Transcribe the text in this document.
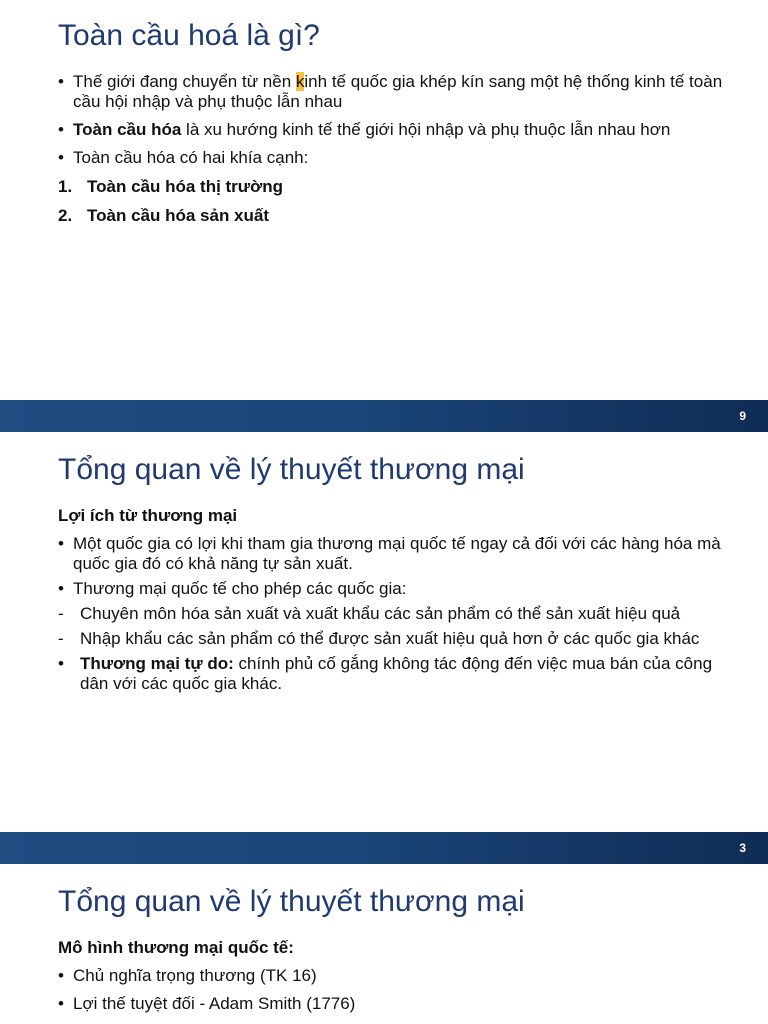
Toàn cầu hoá là gì?
• Thế giới đang chuyển từ nền kinh tế quốc gia khép kín sang một hệ thống kinh tế toàn cầu hội nhập và phụ thuộc lẫn nhau
• Toàn cầu hóa là xu hướng kinh tế thế giới hội nhập và phụ thuộc lẫn nhau hơn
• Toàn cầu hóa có hai khía cạnh:
1. Toàn cầu hóa thị trường
2. Toàn cầu hóa sản xuất
9
Tổng quan về lý thuyết thương mại
Lợi ích từ thương mại
• Một quốc gia có lợi khi tham gia thương mại quốc tế ngay cả đối với các hàng hóa mà quốc gia đó có khả năng tự sản xuất.
• Thương mại quốc tế cho phép các quốc gia:
- Chuyên môn hóa sản xuất và xuất khẩu các sản phẩm có thể sản xuất hiệu quả
- Nhập khẩu các sản phẩm có thể được sản xuất hiệu quả hơn ở các quốc gia khác
• Thương mại tự do: chính phủ cố gắng không tác động đến việc mua bán của công dân với các quốc gia khác.
3
Tổng quan về lý thuyết thương mại
Mô hình thương mại quốc tế:
• Chủ nghĩa trọng thương (TK 16)
• Lợi thế tuyệt đối - Adam Smith (1776)
